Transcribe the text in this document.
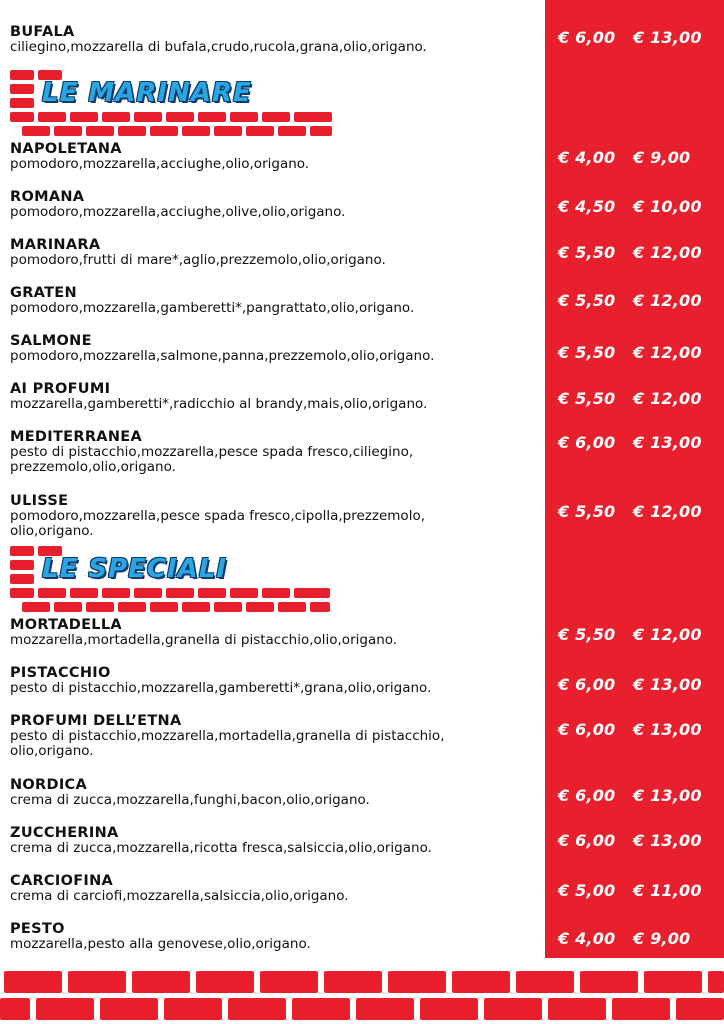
BUFALA
ciliegino,mozzarella di bufala,crudo,rucola,grana,olio,origano.	€ 6,00 € 13,00
LE MARINARE
NAPOLETANA
pomodoro,mozzarella,acciughe,olio,origano.	€ 4,00 € 9,00
ROMANA
pomodoro,mozzarella,acciughe,olive,olio,origano.	€ 4,50 € 10,00
MARINARA
pomodoro,frutti di mare*,aglio,prezzemolo,olio,origano.	€ 5,50 € 12,00
GRATEN
pomodoro,mozzarella,gamberetti*,pangrattato,olio,origano.	€ 5,50 € 12,00
SALMONE
pomodoro,mozzarella,salmone,panna,prezzemolo,olio,origano.	€ 5,50 € 12,00
AI PROFUMI
mozzarella,gamberetti*,radicchio al brandy,mais,olio,origano.	€ 5,50 € 12,00
MEDITERRANEA
pesto di pistacchio,mozzarella,pesce spada fresco,ciliegino,
prezzemolo,olio,origano.
€ 6,00 € 13,00
ULISSE
pomodoro,mozzarella,pesce spada fresco,cipolla,prezzemolo,
olio,origano.
€ 5,50 € 12,00
LE SPECIALI
MORTADELLA
mozzarella,mortadella,granella di pistacchio,olio,origano.	€ 5,50 € 12,00
PISTACCHIO
pesto di pistacchio,mozzarella,gamberetti*,grana,olio,origano.	€ 6,00 € 13,00
PROFUMI DELL’ETNA
pesto di pistacchio,mozzarella,mortadella,granella di pistacchio,
olio,origano.
€ 6,00 € 13,00
NORDICA
crema di zucca,mozzarella,funghi,bacon,olio,origano.	€ 6,00 € 13,00
ZUCCHERINA
crema di zucca,mozzarella,ricotta fresca,salsiccia,olio,origano.	€ 6,00 € 13,00
CARCIOFINA
crema di carciofi,mozzarella,salsiccia,olio,origano.	€ 5,00 € 11,00
PESTO
mozzarella,pesto alla genovese,olio,origano.	€ 4,00 € 9,00
